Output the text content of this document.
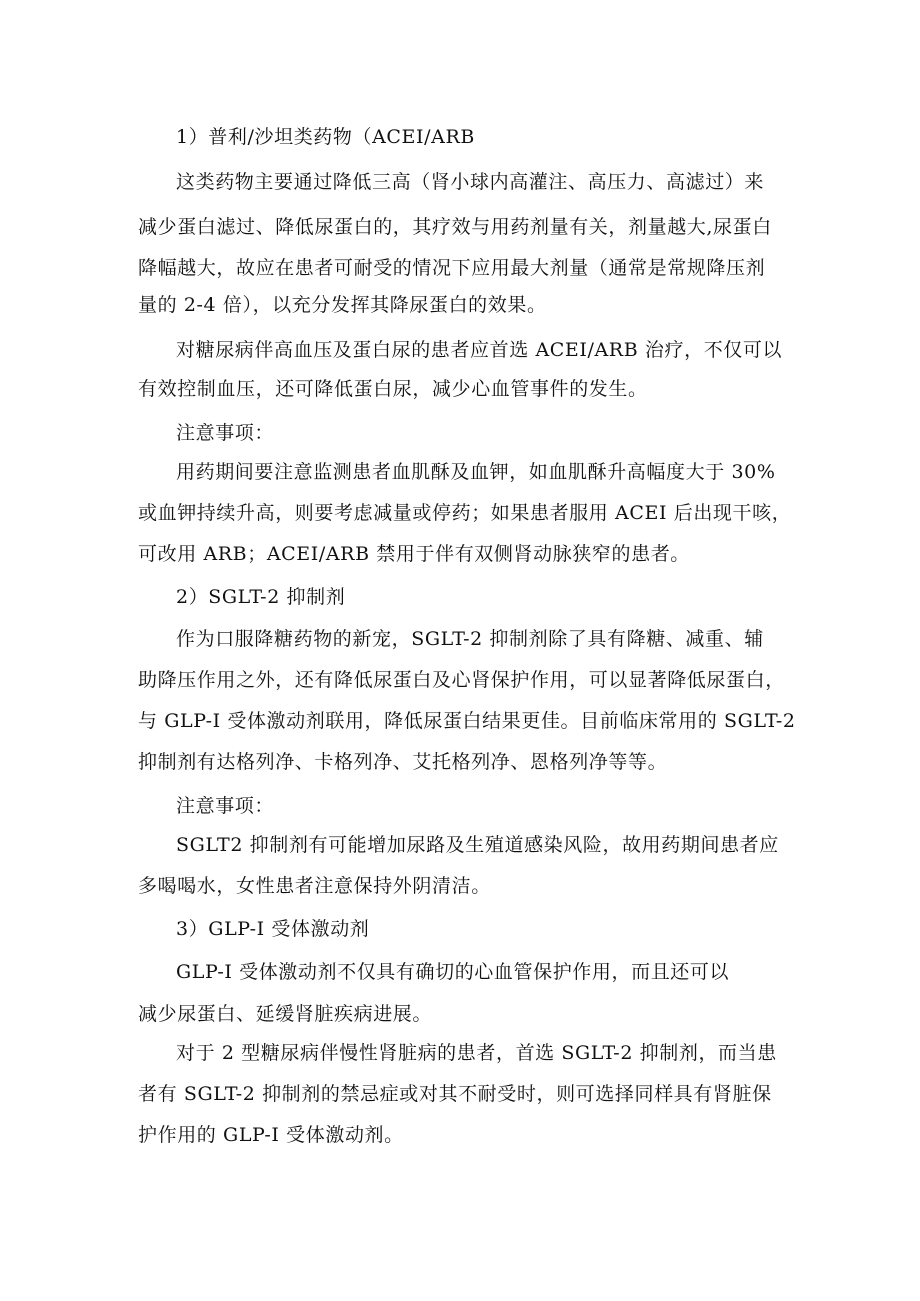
1）普利/沙坦类药物（ACEI/ARB
这类药物主要通过降低三高（肾小球内高灌注、高压力、高滤过）来
减少蛋白滤过、降低尿蛋白的，其疗效与用药剂量有关，剂量越大,尿蛋白
降幅越大，故应在患者可耐受的情况下应用最大剂量（通常是常规降压剂
量的 2-4 倍），以充分发挥其降尿蛋白的效果。
对糖尿病伴高血压及蛋白尿的患者应首选 ACEI/ARB 治疗，不仅可以
有效控制血压，还可降低蛋白尿，减少心血管事件的发生。
注意事项：
用药期间要注意监测患者血肌酥及血钾，如血肌酥升高幅度大于 30%
或血钾持续升高，则要考虑减量或停药；如果患者服用 ACEI 后出现干咳，
可改用 ARB；ACEI/ARB 禁用于伴有双侧肾动脉狭窄的患者。
2）SGLT-2 抑制剂
作为口服降糖药物的新宠，SGLT-2 抑制剂除了具有降糖、减重、辅
助降压作用之外，还有降低尿蛋白及心肾保护作用，可以显著降低尿蛋白，
与 GLP-I 受体激动剂联用，降低尿蛋白结果更佳。目前临床常用的 SGLT-2
抑制剂有达格列净、卡格列净、艾托格列净、恩格列净等等。
注意事项：
SGLT2 抑制剂有可能增加尿路及生殖道感染风险，故用药期间患者应
多喝喝水，女性患者注意保持外阴清洁。
3）GLP-I 受体激动剂
GLP-I 受体激动剂不仅具有确切的心血管保护作用，而且还可以
减少尿蛋白、延缓肾脏疾病进展。
对于 2 型糖尿病伴慢性肾脏病的患者，首选 SGLT-2 抑制剂，而当患
者有 SGLT-2 抑制剂的禁忌症或对其不耐受时，则可选择同样具有肾脏保
护作用的 GLP-I 受体激动剂。
